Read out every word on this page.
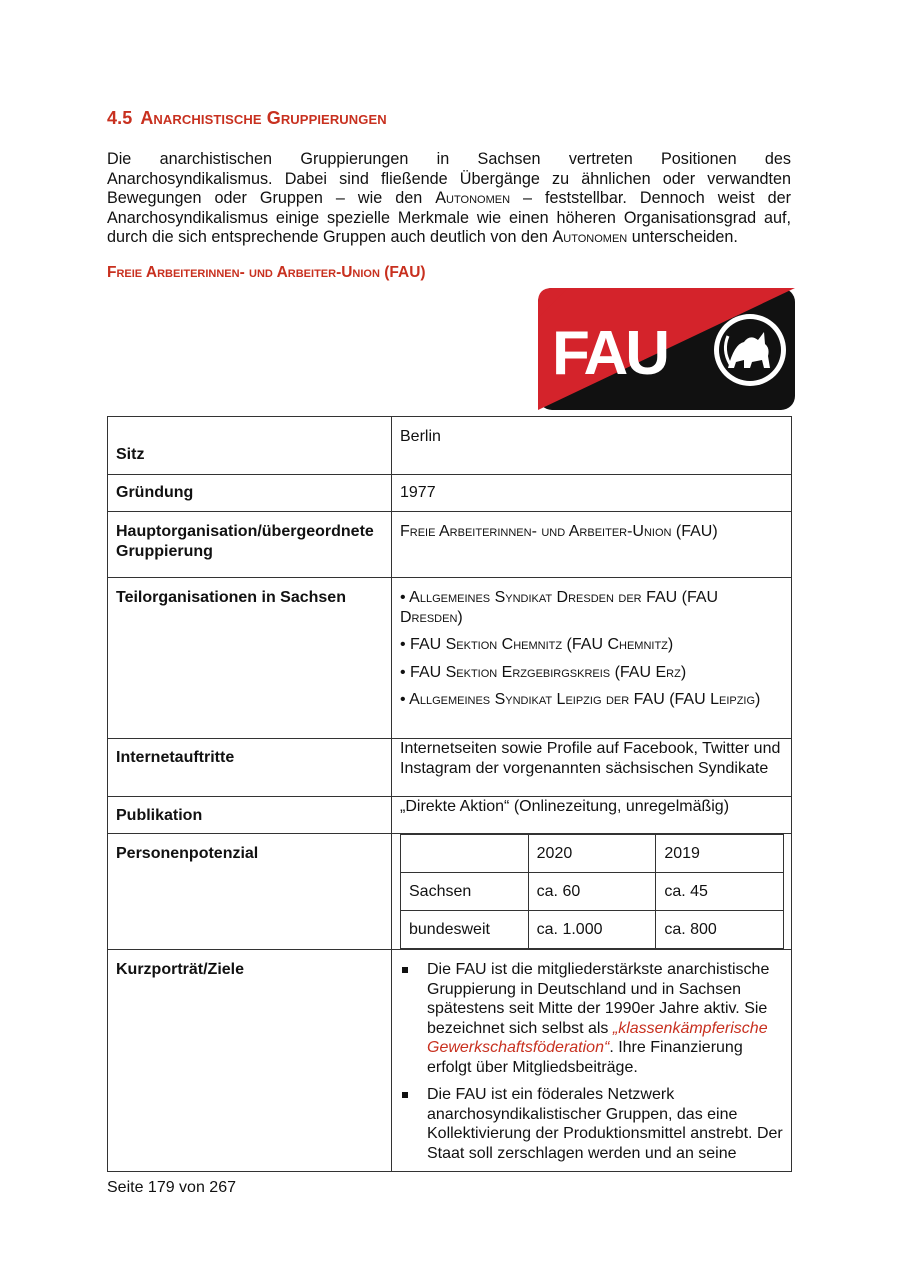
4.5 Anarchistische Gruppierungen

Die anarchistischen Gruppierungen in Sachsen vertreten Positionen des Anarchosyndikalismus. Dabei sind fließende Übergänge zu ähnlichen oder verwandten Bewegungen oder Gruppen – wie den Autonomen – feststellbar. Dennoch weist der Anarchosyndikalismus einige spezielle Merkmale wie einen höheren Organisationsgrad auf, durch die sich entsprechende Gruppen auch deutlich von den Autonomen unterscheiden.

Freie Arbeiterinnen- und Arbeiter-Union (FAU)
FAU
Sitz	Berlin
Gründung	1977
Hauptorganisation/übergeordnete Gruppierung	Freie Arbeiterinnen- und Arbeiter-Union (FAU)
Teilorganisationen in Sachsen	• Allgemeines Syndikat Dresden der FAU (FAU Dresden)

• FAU Sektion Chemnitz (FAU Chemnitz)

• FAU Sektion Erzgebirgskreis (FAU Erz)

• Allgemeines Syndikat Leipzig der FAU (FAU Leipzig)

Internetauftritte	Internetseiten sowie Profile auf Facebook, Twitter und Instagram der vorgenannten sächsischen Syndikate
Publikation	„Direkte Aktion“ (Onlinezeitung, unregelmäßig)
Personenpotenzial	
		2020	2019
Sachsen	ca. 60	ca. 45
bundesweit	ca. 1.000	ca. 800

Kurzporträt/Ziele	Die FAU ist die mitgliederstärkste anarchistische Gruppierung in Deutschland und in Sachsen spätestens seit Mitte der 1990er Jahre aktiv. Sie bezeichnet sich selbst als „klassenkämpferische Gewerkschaftsföderation“. Ihre Finanzierung erfolgt über Mitgliedsbeiträge.
Die FAU ist ein föderales Netzwerk anarchosyndikalistischer Gruppen, das eine Kollektivierung der Produktionsmittel anstrebt. Der Staat soll zerschlagen werden und an seine

Seite 179 von 267
